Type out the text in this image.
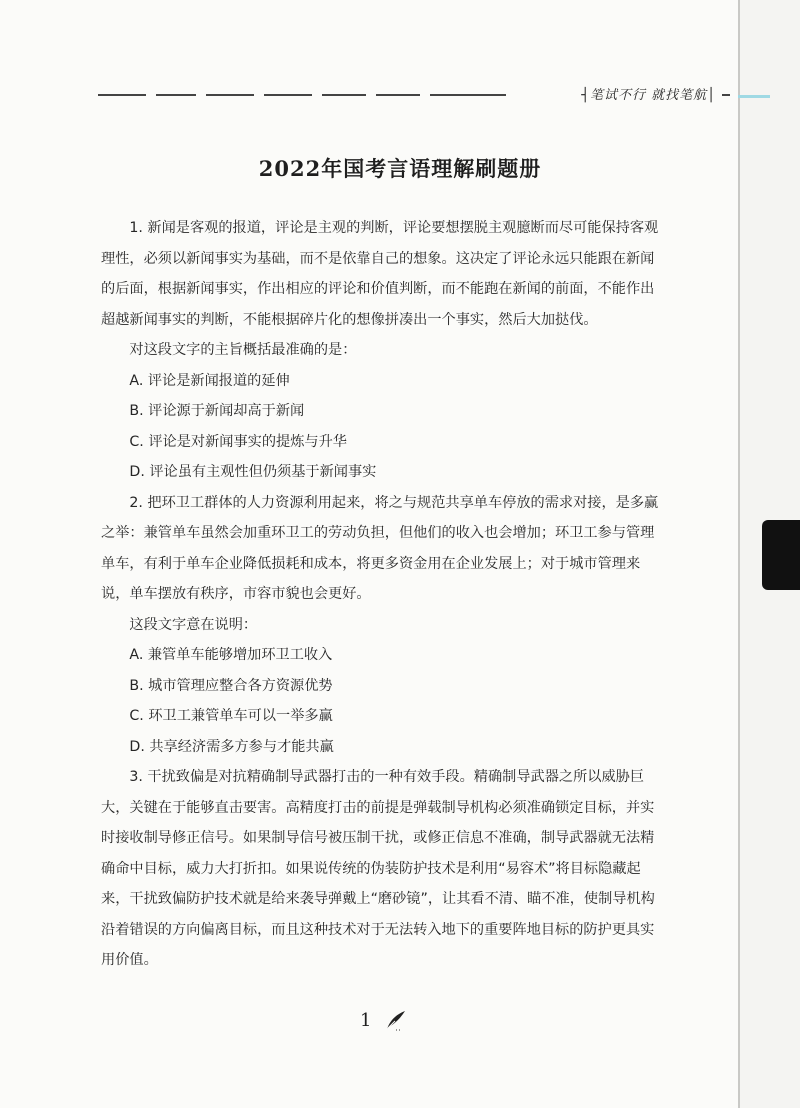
┤笔试不行 就找笔航│
2022年国考言语理解刷题册

1. 新闻是客观的报道，评论是主观的判断，评论要想摆脱主观臆断而尽可能保持客观理性，必须以新闻事实为基础，而不是依靠自己的想象。这决定了评论永远只能跟在新闻的后面，根据新闻事实，作出相应的评论和价值判断，而不能跑在新闻的前面，不能作出超越新闻事实的判断，不能根据碎片化的想像拼凑出一个事实，然后大加挞伐。

对这段文字的主旨概括最准确的是：

A. 评论是新闻报道的延伸

B. 评论源于新闻却高于新闻

C. 评论是对新闻事实的提炼与升华

D. 评论虽有主观性但仍须基于新闻事实

2. 把环卫工群体的人力资源利用起来，将之与规范共享单车停放的需求对接，是多赢之举：兼管单车虽然会加重环卫工的劳动负担，但他们的收入也会增加；环卫工参与管理单车，有利于单车企业降低损耗和成本，将更多资金用在企业发展上；对于城市管理来说，单车摆放有秩序，市容市貌也会更好。

这段文字意在说明：

A. 兼管单车能够增加环卫工收入

B. 城市管理应整合各方资源优势

C. 环卫工兼管单车可以一举多赢

D. 共享经济需多方参与才能共赢

3. 干扰致偏是对抗精确制导武器打击的一种有效手段。精确制导武器之所以威胁巨大，关键在于能够直击要害。高精度打击的前提是弹载制导机构必须准确锁定目标，并实时接收制导修正信号。如果制导信号被压制干扰，或修正信息不准确，制导武器就无法精确命中目标，威力大打折扣。如果说传统的伪装防护技术是利用“易容术”将目标隐藏起来，干扰致偏防护技术就是给来袭导弹戴上“磨砂镜”，让其看不清、瞄不准，使制导机构沿着错误的方向偏离目标，而且这种技术对于无法转入地下的重要阵地目标的防护更具实用价值。

1
